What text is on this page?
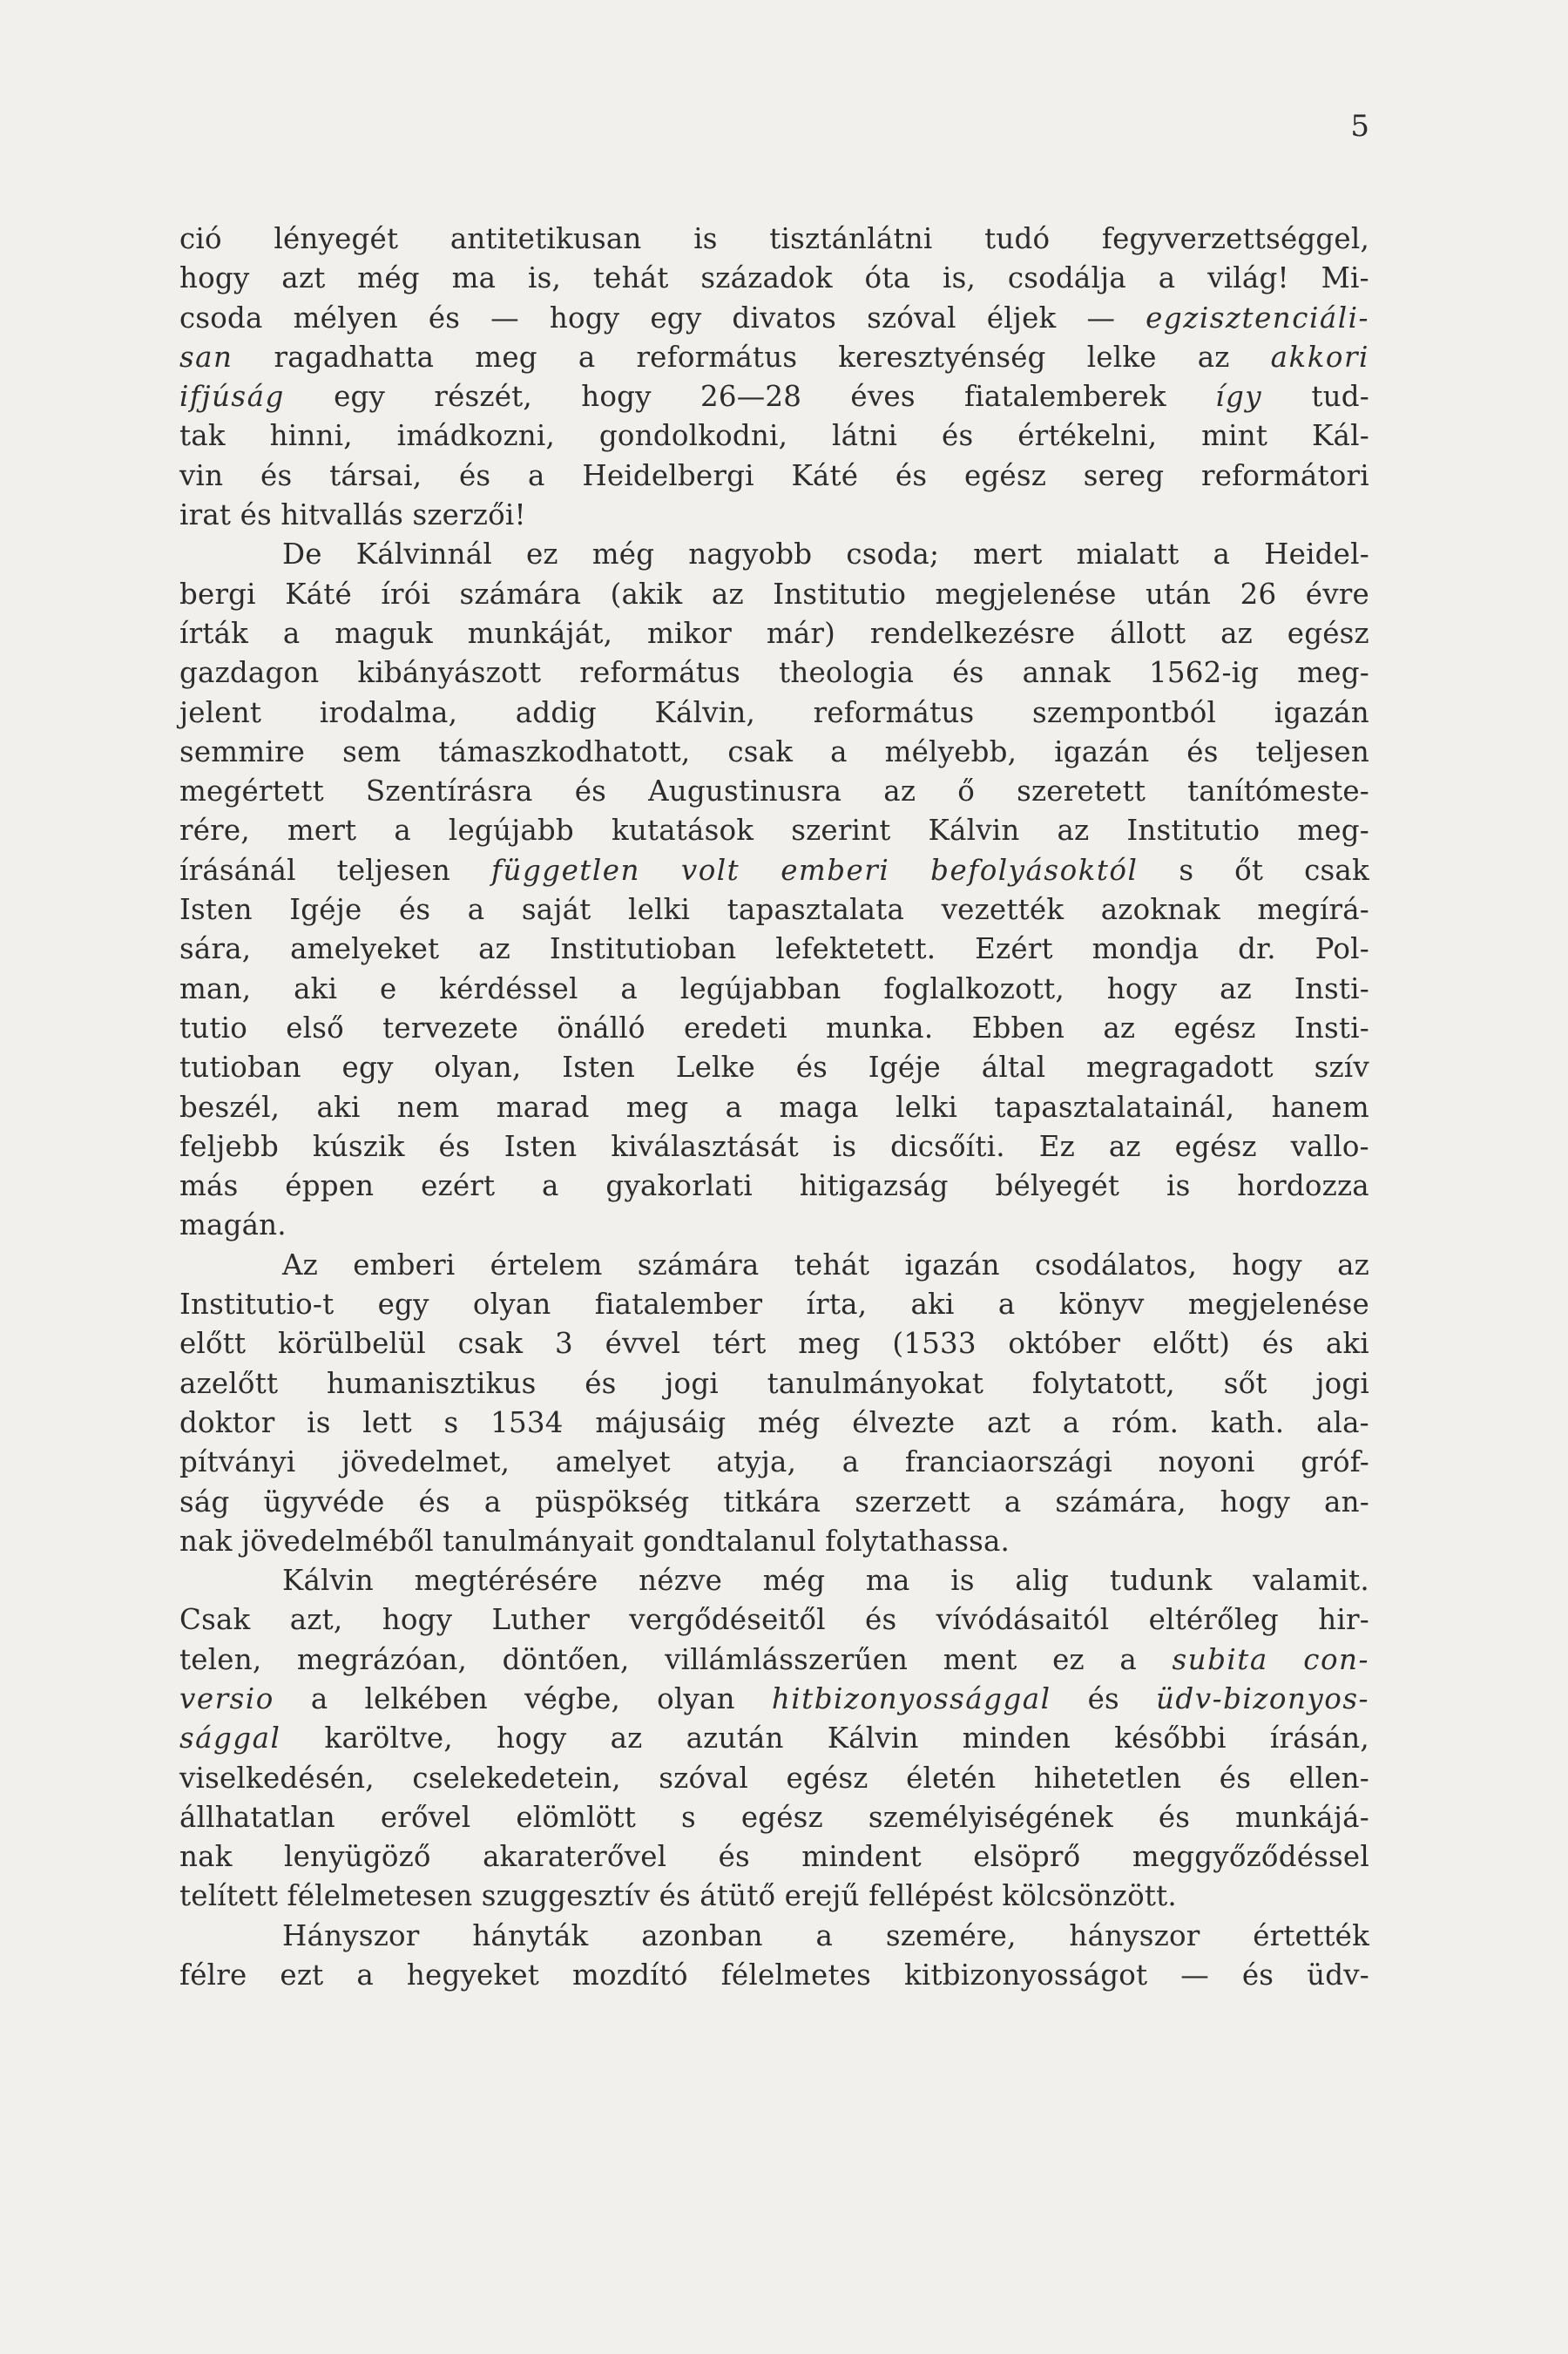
5
ció lényegét antitetikusan is tisztánlátni tudó fegyverzettséggel,
hogy azt még ma is, tehát századok óta is, csodálja a világ! Mi-
csoda mélyen és — hogy egy divatos szóval éljek — egzisztenciáli-
san ragadhatta meg a református keresztyénség lelke az akkori
ifjúság egy részét, hogy 26—28 éves fiatalemberek így tud-
tak hinni, imádkozni, gondolkodni, látni és értékelni, mint Kál-
vin és társai, és a Heidelbergi Káté és egész sereg reformátori
irat és hitvallás szerzői!
De Kálvinnál ez még nagyobb csoda; mert mialatt a Heidel-
bergi Káté írói számára (akik az Institutio megjelenése után 26 évre
írták a maguk munkáját, mikor már) rendelkezésre állott az egész
gazdagon kibányászott református theologia és annak 1562-ig meg-
jelent irodalma, addig Kálvin, református szempontból igazán
semmire sem támaszkodhatott, csak a mélyebb, igazán és teljesen
megértett Szentírásra és Augustinusra az ő szeretett tanítómeste-
rére, mert a legújabb kutatások szerint Kálvin az Institutio meg-
írásánál teljesen független volt emberi befolyásoktól s őt csak
Isten Igéje és a saját lelki tapasztalata vezették azoknak megírá-
sára, amelyeket az Institutioban lefektetett. Ezért mondja dr. Pol-
man, aki e kérdéssel a legújabban foglalkozott, hogy az Insti-
tutio első tervezete önálló eredeti munka. Ebben az egész Insti-
tutioban egy olyan, Isten Lelke és Igéje által megragadott szív
beszél, aki nem marad meg a maga lelki tapasztalatainál, hanem
feljebb kúszik és Isten kiválasztását is dicsőíti. Ez az egész vallo-
más éppen ezért a gyakorlati hitigazság bélyegét is hordozza
magán.
Az emberi értelem számára tehát igazán csodálatos, hogy az
Institutio-t egy olyan fiatalember írta, aki a könyv megjelenése
előtt körülbelül csak 3 évvel tért meg (1533 október előtt) és aki
azelőtt humanisztikus és jogi tanulmányokat folytatott, sőt jogi
doktor is lett s 1534 májusáig még élvezte azt a róm. kath. ala-
pítványi jövedelmet, amelyet atyja, a franciaországi noyoni gróf-
ság ügyvéde és a püspökség titkára szerzett a számára, hogy an-
nak jövedelméből tanulmányait gondtalanul folytathassa.
Kálvin megtérésére nézve még ma is alig tudunk valamit.
Csak azt, hogy Luther vergődéseitől és vívódásaitól eltérőleg hir-
telen, megrázóan, döntően, villámlásszerűen ment ez a subita con-
versio a lelkében végbe, olyan hitbizonyossággal és üdv-bizonyos-
sággal karöltve, hogy az azután Kálvin minden későbbi írásán,
viselkedésén, cselekedetein, szóval egész életén hihetetlen és ellen-
állhatatlan erővel elömlött s egész személyiségének és munkájá-
nak lenyügöző akaraterővel és mindent elsöprő meggyőződéssel
telített félelmetesen szuggesztív és átütő erejű fellépést kölcsönzött.
Hányszor hányták azonban a szemére, hányszor értették
félre ezt a hegyeket mozdító félelmetes kitbizonyosságot — és üdv-
